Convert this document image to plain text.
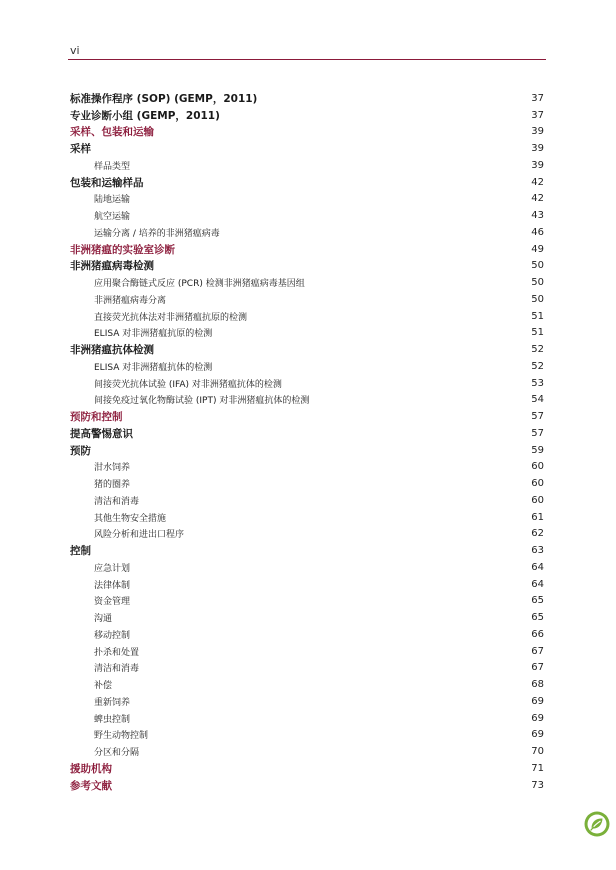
vi
标准操作程序 (SOP) (GEMP，2011)	37
专业诊断小组 (GEMP，2011)	37
采样、包装和运输	39
采样	39
样品类型	39
包装和运输样品	42
陆地运输	42
航空运输	43
运输分离 / 培养的非洲猪瘟病毒	46
非洲猪瘟的实验室诊断	49
非洲猪瘟病毒检测	50
应用聚合酶链式反应 (PCR) 检测非洲猪瘟病毒基因组	50
非洲猪瘟病毒分离	50
直接荧光抗体法对非洲猪瘟抗原的检测	51
ELISA 对非洲猪瘟抗原的检测	51
非洲猪瘟抗体检测	52
ELISA 对非洲猪瘟抗体的检测	52
间接荧光抗体试验 (IFA) 对非洲猪瘟抗体的检测	53
间接免疫过氧化物酶试验 (IPT) 对非洲猪瘟抗体的检测	54
预防和控制	57
提高警惕意识	57
预防	59
泔水饲养	60
猪的圈养	60
清洁和消毒	60
其他生物安全措施	61
风险分析和进出口程序	62
控制	63
应急计划	64
法律体制	64
资金管理	65
沟通	65
移动控制	66
扑杀和处置	67
清洁和消毒	67
补偿	68
重新饲养	69
蜱虫控制	69
野生动物控制	69
分区和分隔	70
援助机构	71
参考文献	73
